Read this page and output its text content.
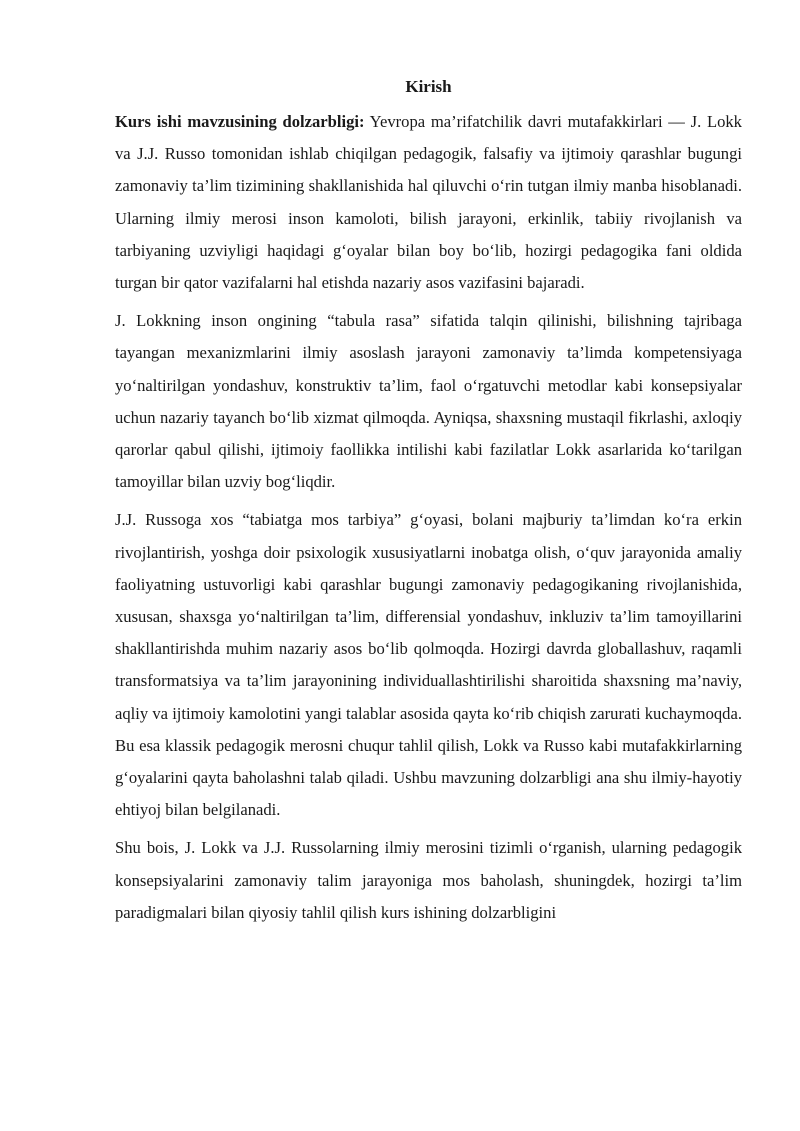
Kirish

Kurs ishi mavzusining dolzarbligi: Yevropa ma’rifatchilik davri mutafakkirlari — J. Lokk va J.J. Russo tomonidan ishlab chiqilgan pedagogik, falsafiy va ijtimoiy qarashlar bugungi zamonaviy ta’lim tizimining shakllanishida hal qiluvchi o‘rin tutgan ilmiy manba hisoblanadi. Ularning ilmiy merosi inson kamoloti, bilish jarayoni, erkinlik, tabiiy rivojlanish va tarbiyaning uzviyligi haqidagi g‘oyalar bilan boy bo‘lib, hozirgi pedagogika fani oldida turgan bir qator vazifalarni hal etishda nazariy asos vazifasini bajaradi.

J. Lokkning inson ongining “tabula rasa” sifatida talqin qilinishi, bilishning tajribaga tayangan mexanizmlarini ilmiy asoslash jarayoni zamonaviy ta’limda kompetensiyaga yo‘naltirilgan yondashuv, konstruktiv ta’lim, faol o‘rgatuvchi metodlar kabi konsepsiyalar uchun nazariy tayanch bo‘lib xizmat qilmoqda. Ayniqsa, shaxsning mustaqil fikrlashi, axloqiy qarorlar qabul qilishi, ijtimoiy faollikka intilishi kabi fazilatlar Lokk asarlarida ko‘tarilgan tamoyillar bilan uzviy bog‘liqdir.

J.J. Russoga xos “tabiatga mos tarbiya” g‘oyasi, bolani majburiy ta’limdan ko‘ra erkin rivojlantirish, yoshga doir psixologik xususiyatlarni inobatga olish, o‘quv jarayonida amaliy faoliyatning ustuvorligi kabi qarashlar bugungi zamonaviy pedagogikaning rivojlanishida, xususan, shaxsga yo‘naltirilgan ta’lim, differensial yondashuv, inkluziv ta’lim tamoyillarini shakllantirishda muhim nazariy asos bo‘lib qolmoqda. Hozirgi davrda globallashuv, raqamli transformatsiya va ta’lim jarayonining individuallashtirilishi sharoitida shaxsning ma’naviy, aqliy va ijtimoiy kamolotini yangi talablar asosida qayta ko‘rib chiqish zarurati kuchaymoqda. Bu esa klassik pedagogik merosni chuqur tahlil qilish, Lokk va Russo kabi mutafakkirlarning g‘oyalarini qayta baholashni talab qiladi. Ushbu mavzuning dolzarbligi ana shu ilmiy-hayotiy ehtiyoj bilan belgilanadi.

Shu bois, J. Lokk va J.J. Russolarning ilmiy merosini tizimli o‘rganish, ularning pedagogik konsepsiyalarini zamonaviy talim jarayoniga mos baholash, shuningdek, hozirgi ta’lim paradigmalari bilan qiyosiy tahlil qilish kurs ishining dolzarbligini
